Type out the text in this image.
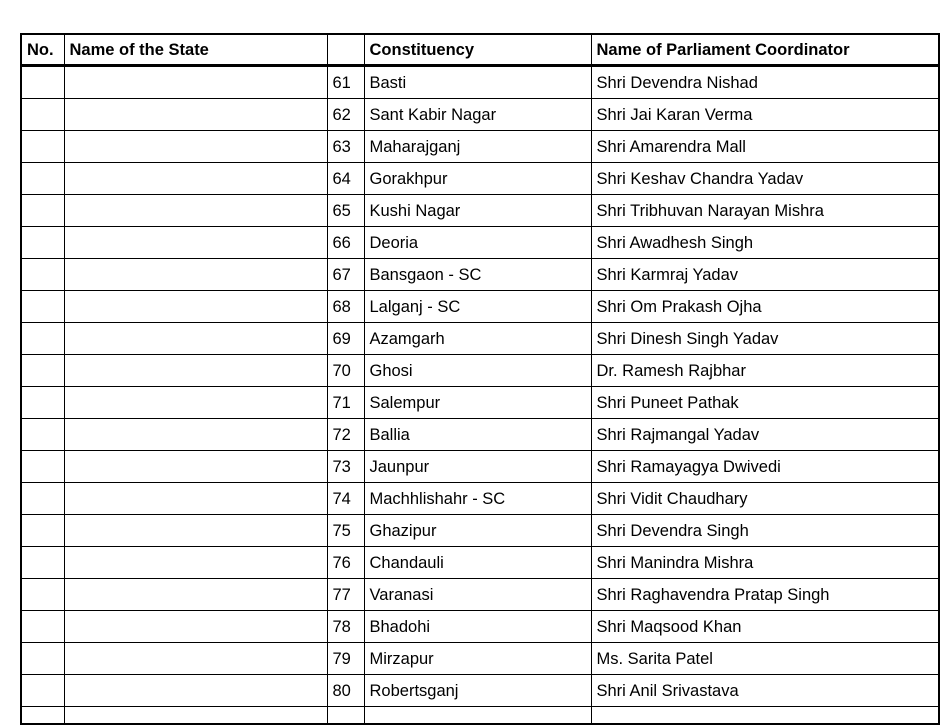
No.	Name of the State		Constituency	Name of Parliament Coordinator
		61	Basti	Shri Devendra Nishad
		62	Sant Kabir Nagar	Shri Jai Karan Verma
		63	Maharajganj	Shri Amarendra Mall
		64	Gorakhpur	Shri Keshav Chandra Yadav
		65	Kushi Nagar	Shri Tribhuvan Narayan Mishra
		66	Deoria	Shri Awadhesh Singh
		67	Bansgaon - SC	Shri Karmraj Yadav
		68	Lalganj - SC	Shri Om Prakash Ojha
		69	Azamgarh	Shri Dinesh Singh Yadav
		70	Ghosi	Dr. Ramesh Rajbhar
		71	Salempur	Shri Puneet Pathak
		72	Ballia	Shri Rajmangal Yadav
		73	Jaunpur	Shri Ramayagya Dwivedi
		74	Machhlishahr - SC	Shri Vidit Chaudhary
		75	Ghazipur	Shri Devendra Singh
		76	Chandauli	Shri Manindra Mishra
		77	Varanasi	Shri Raghavendra Pratap Singh
		78	Bhadohi	Shri Maqsood Khan
		79	Mirzapur	Ms. Sarita Patel
		80	Robertsganj	Shri Anil Srivastava
